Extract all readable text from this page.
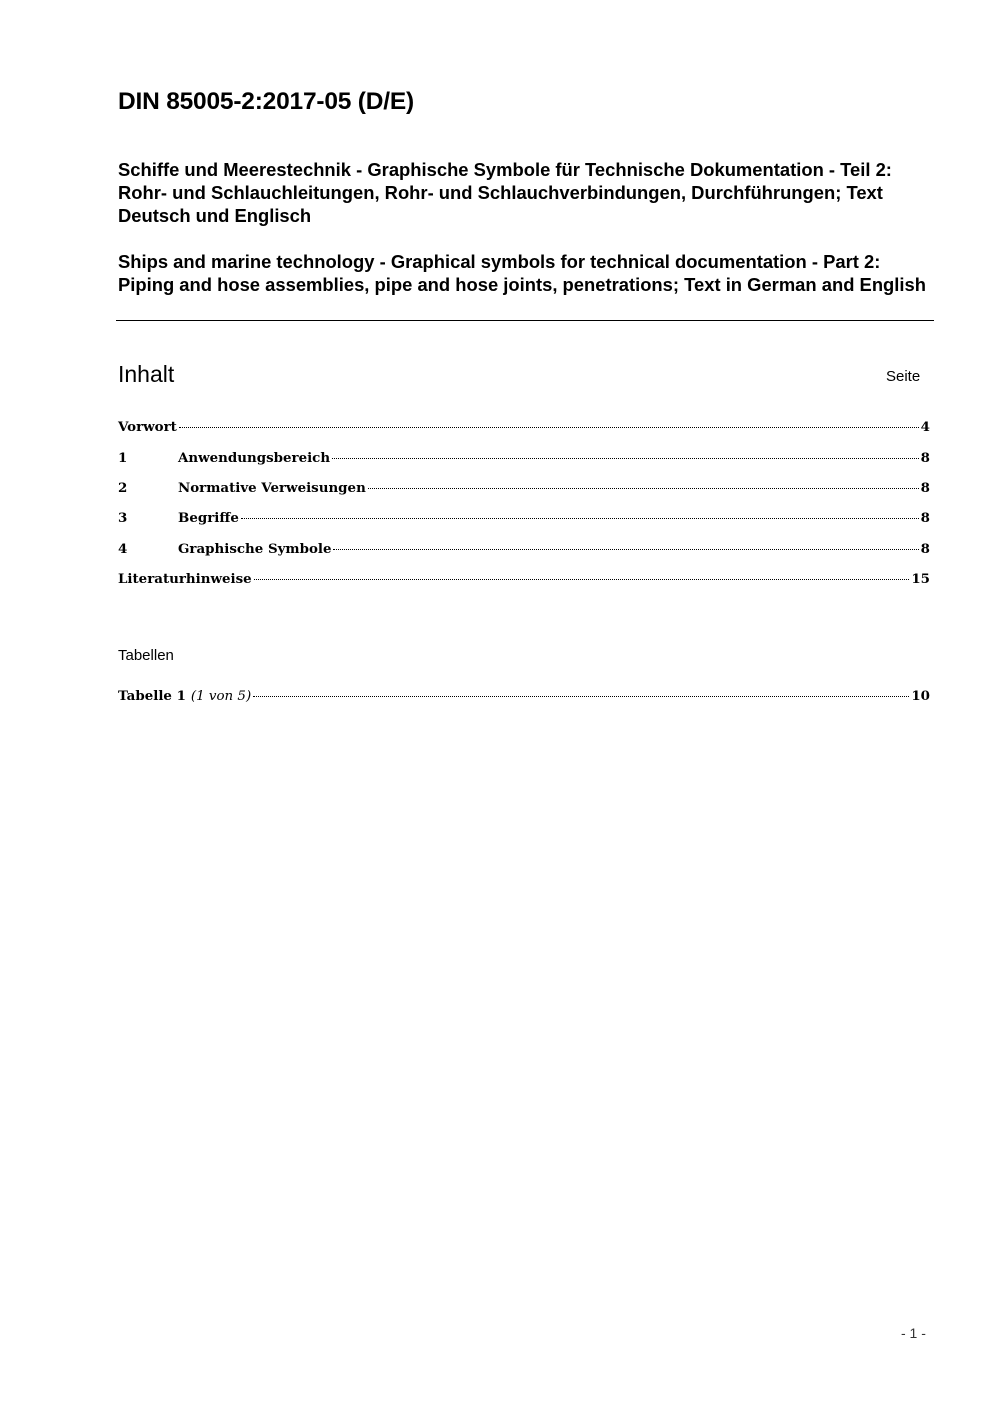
DIN 85005-2:2017-05 (D/E)
Schiffe und Meerestechnik - Graphische Symbole für Technische Dokumentation - Teil 2: Rohr- und Schlauchleitungen, Rohr- und Schlauchverbindungen, Durchführungen; Text Deutsch und Englisch
Ships and marine technology - Graphical symbols for technical documentation - Part 2: Piping and hose assemblies, pipe and hose joints, penetrations; Text in German and English
Inhalt	Seite
Vorwort	4
1	Anwendungsbereich	8
2	Normative Verweisungen	8
3	Begriffe	8
4	Graphische Symbole	8
Literaturhinweise	15
Tabellen
Tabelle 1 (1 von 5)	10
- 1 -
